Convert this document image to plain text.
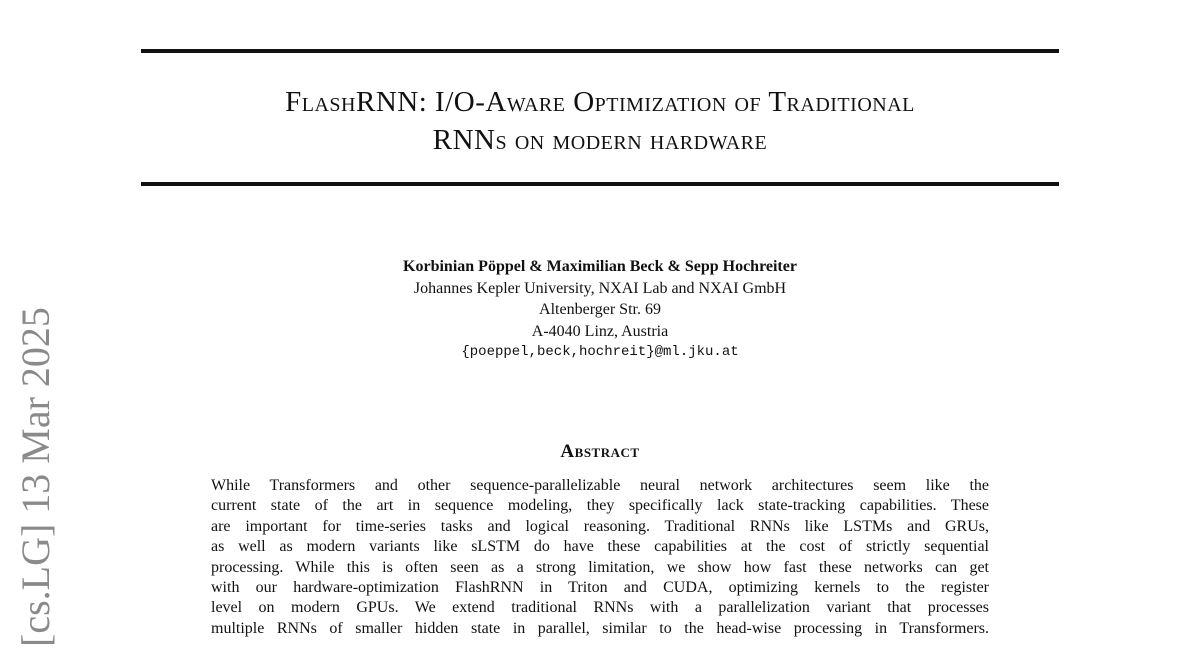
FlashRNN: I/O-Aware Optimization of Traditional
RNNs on modern hardware
Korbinian Pöppel & Maximilian Beck & Sepp Hochreiter
Johannes Kepler University, NXAI Lab and NXAI GmbH
Altenberger Str. 69
A-4040 Linz, Austria
{poeppel,beck,hochreit}@ml.jku.at
Abstract
While Transformers and other sequence-parallelizable neural network architectures seem like the
current state of the art in sequence modeling, they specifically lack state-tracking capabilities. These
are important for time-series tasks and logical reasoning. Traditional RNNs like LSTMs and GRUs,
as well as modern variants like sLSTM do have these capabilities at the cost of strictly sequential
processing. While this is often seen as a strong limitation, we show how fast these networks can get
with our hardware-optimization FlashRNN in Triton and CUDA, optimizing kernels to the register
level on modern GPUs. We extend traditional RNNs with a parallelization variant that processes
multiple RNNs of smaller hidden state in parallel, similar to the head-wise processing in Transformers.
[cs.LG] 13 Mar 2025
